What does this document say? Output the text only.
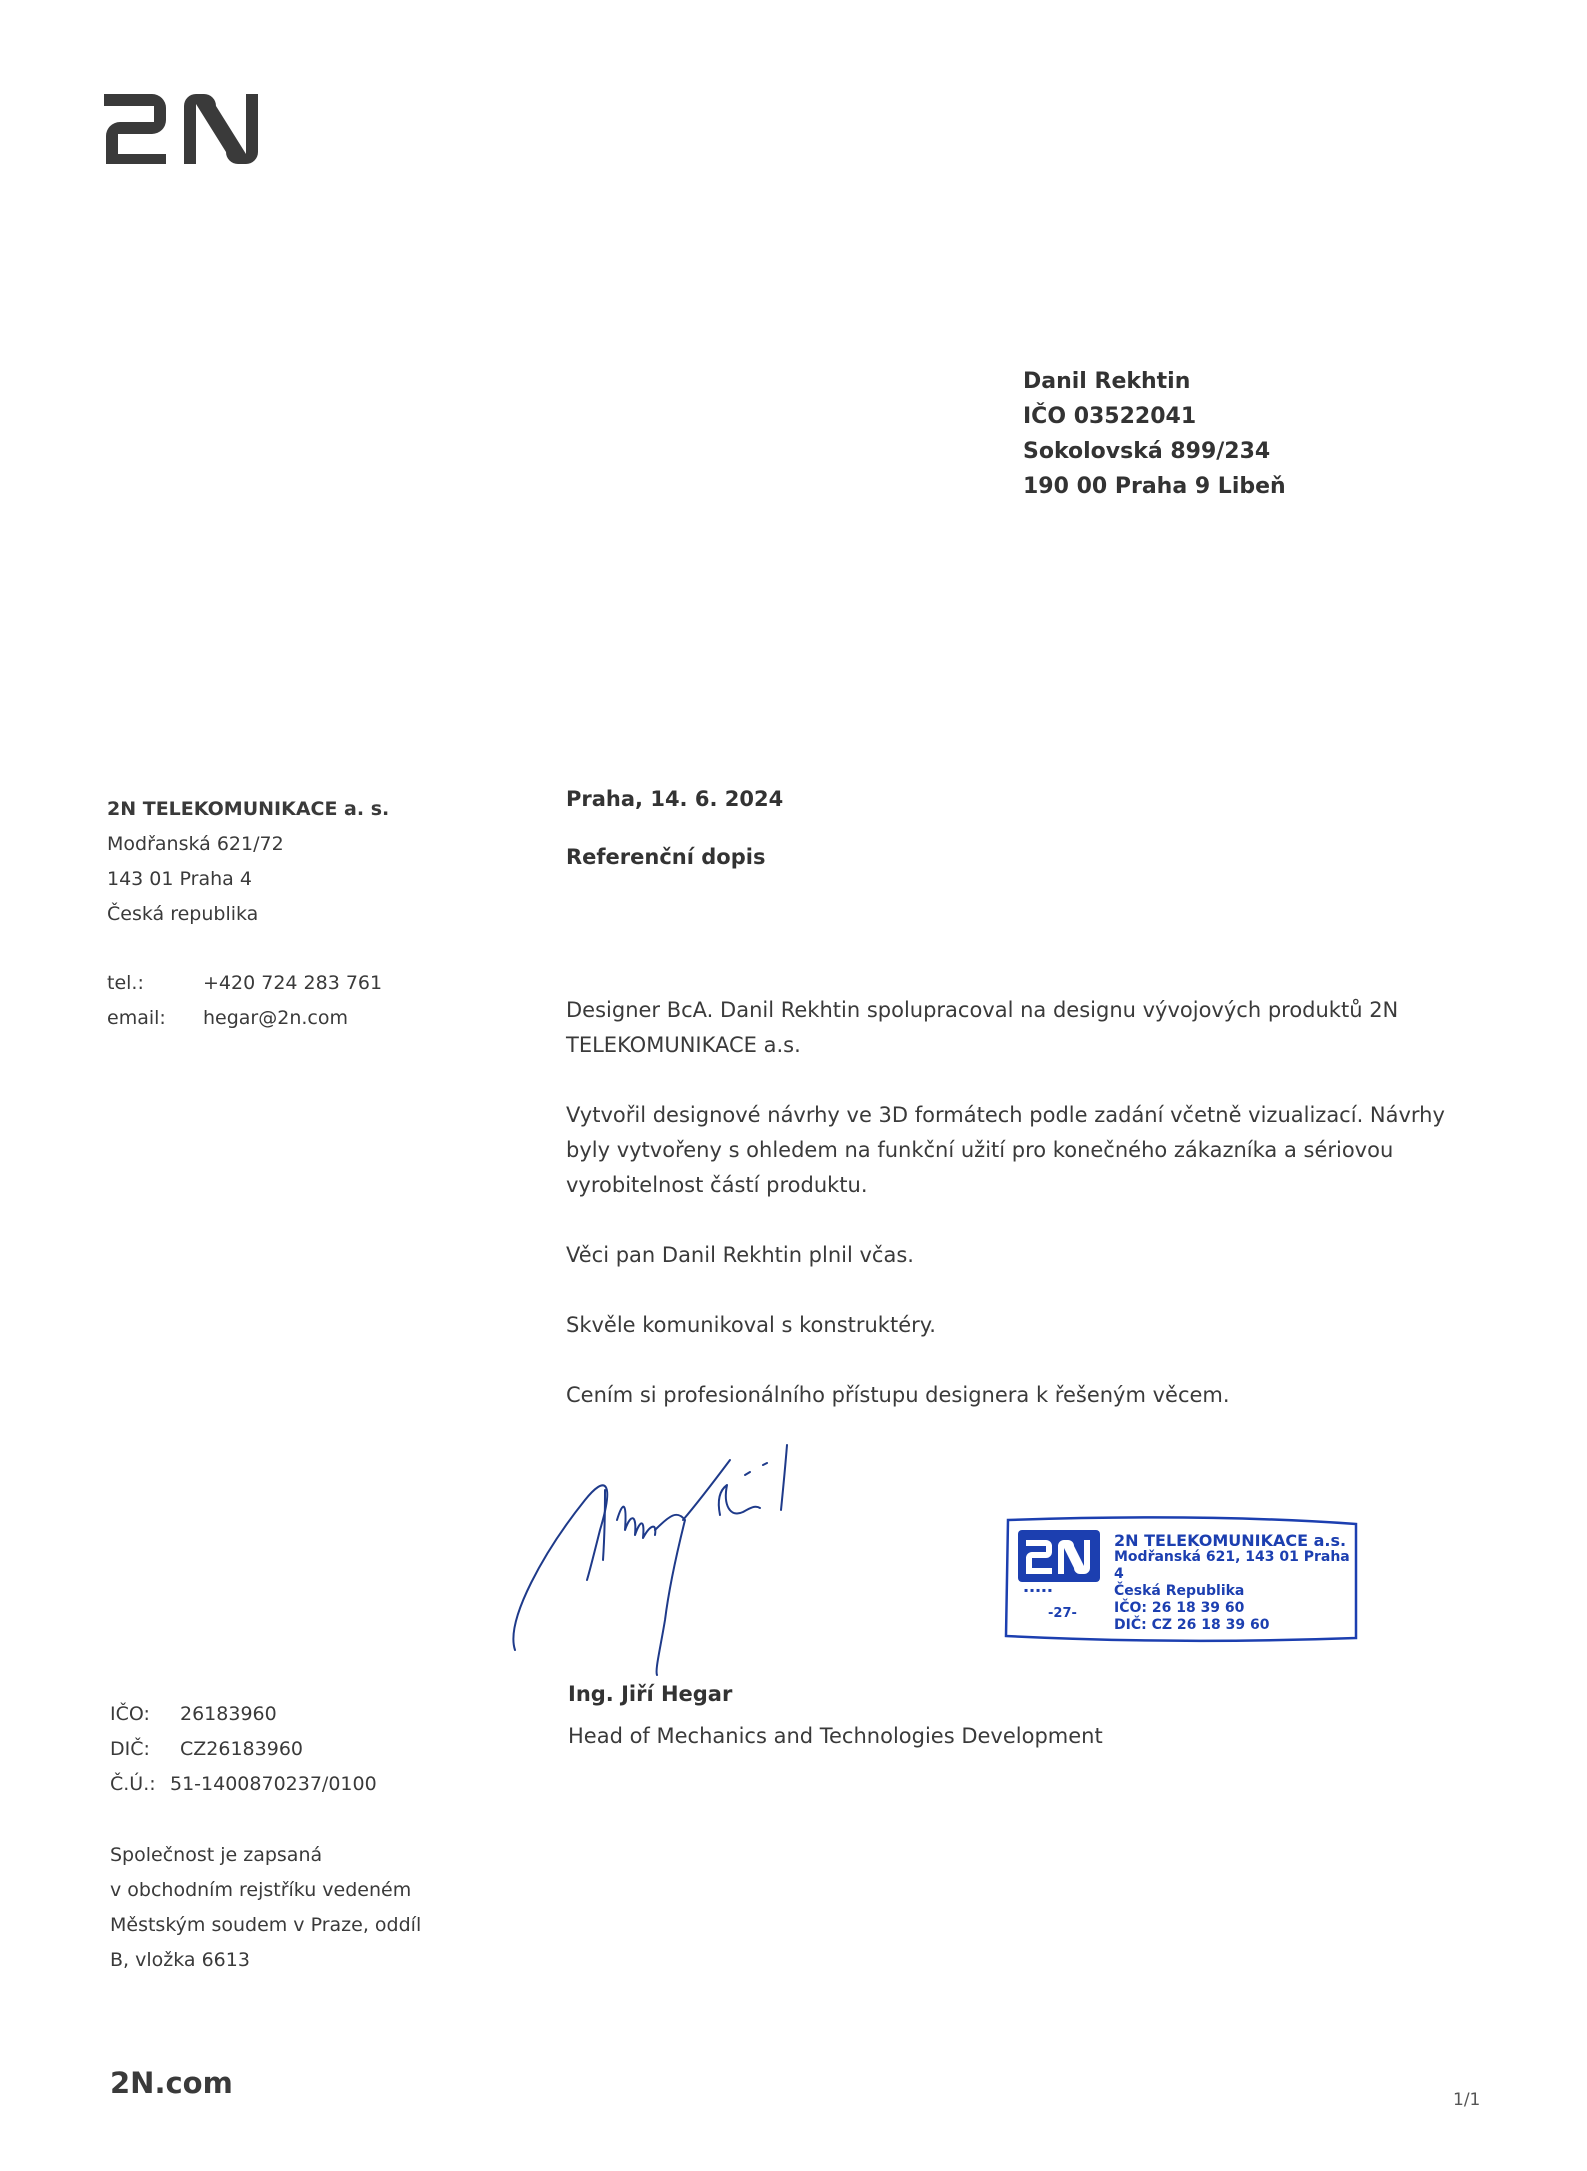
Danil Rekhtin
IČO 03522041
Sokolovská 899/234
190 00 Praha 9 Libeň
2N TELEKOMUNIKACE a. s.
Modřanská 621/72
143 01 Praha 4
Česká republika
tel.:	+420 724 283 761
email:	hegar@2n.com
Praha, 14. 6. 2024
Referenční dopis

Designer BcA. Danil Rekhtin spolupracoval na designu vývojových produktů 2N TELEKOMUNIKACE a.s.

Vytvořil designové návrhy ve 3D formátech podle zadání včetně vizualizací. Návrhy byly vytvořeny s ohledem na funkční užití pro konečného zákazníka a sériovou vyrobitelnost částí produktu.

Věci pan Danil Rekhtin plnil včas.

Skvěle komunikoval s konstruktéry.

Cením si profesionálního přístupu designera k řešeným věcem.

▪ ▪ ▪ ▪ ▪
2N TELEKOMUNIKACE a.s.
Modřanská 621, 143 01 Praha 4
Česká Republika
IČO: 26 18 39 60
DIČ: CZ 26 18 39 60
-27-
Ing. Jiří Hegar
Head of Mechanics and Technologies Development
IČO:	26183960
DIČ:	CZ26183960
Č.Ú.: 51-1400870237/0100
Společnost je zapsaná
v obchodním rejstříku vedeném
Městským soudem v Praze, oddíl
B, vložka 6613
2N.com	1/1
